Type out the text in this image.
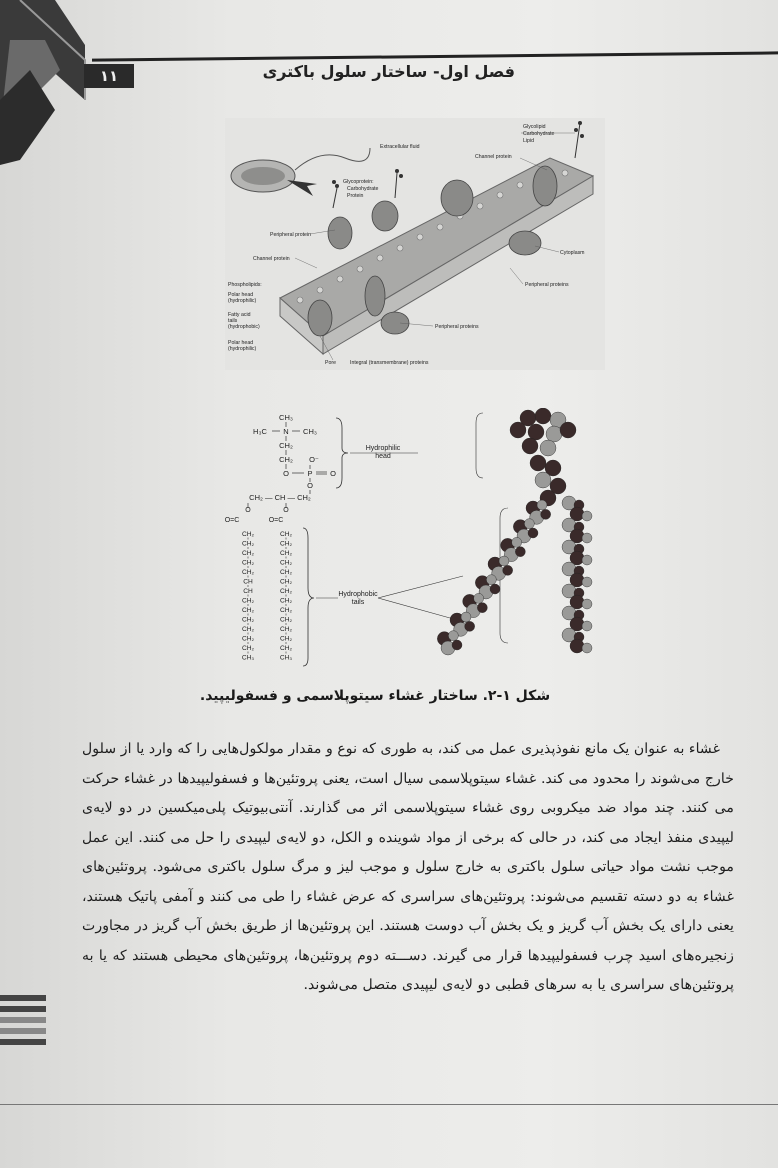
۱۱	فصل اول- ساختار سلول باکتری
Extracellular fluid
Glycolipid
Carbohydrate
Lipid
Channel protein
Glycoprotein:
Carbohydrate
Protein
Peripheral protein
Channel protein
Cytoplasm
Phospholipids:
Polar head
(hydrophilic)
Fatty acid
tails
(hydrophobic)
Polar head
(hydrophilic)
Peripheral proteins
Peripheral proteins
Pore	Integral (transmembrane) proteins
CH₃
H₃C N CH₃
CH₂
CH₂ O⁻
O P O
O
CH₂ — CH — CH₂
O=C	O=C
O	O
CH₂
CH₂
CH₂
CH₂
CH₂
CH
CH
CH₂
CH₂
CH₂
CH₂
CH₂
CH₂
CH₃
CH₂
CH₂
CH₂
CH₂
CH₂
CH₂
CH₂
CH₂
CH₂
CH₂
CH₂
CH₂
CH₂
CH₃
Hydrophilic
head
Hydrophobic
tails
شکل ۱-۲. ساختار غشاء سیتوپلاسمی و فسفولیپید.
غشاء به عنوان یک مانع نفوذپذیری عمل می کند، به طوری که نوع و مقدار مولکول‌هایی را که وارد یا از سلول خارج می‌شوند را محدود می کند. غشاء سیتوپلاسمی سیال است، یعنی پروتئین‌ها و فسفولیپیدها در غشاء حرکت می کنند. چند مواد ضد میکروبی روی غشاء سیتوپلاسمی اثر می گذارند. آنتی‌بیوتیک پلی‌میکسین در دو لایه‌ی لیپیدی منفذ ایجاد می کند، در حالی که برخی از مواد شوینده و الکل، دو لایه‌ی لیپیدی را حل می کنند. این عمل موجب نشت مواد حیاتی سلول باکتری به خارج سلول و موجب لیز و مرگ سلول باکتری می‌شود. پروتئین‌های غشاء به دو دسته تقسیم می‌شوند: پروتئین‌های سراسری که عرض غشاء را طی می کنند و آمفی پاتیک هستند، یعنی دارای یک بخش آب گریز و یک بخش آب دوست هستند. این پروتئین‌ها از طریق بخش آب گریز در مجاورت زنجیره‌های اسید چرب فسفولیپیدها قرار می گیرند. دســـته دوم پروتئین‌ها، پروتئین‌های محیطی هستند که یا به پروتئین‌های سراسری یا به سرهای قطبی دو لایه‌ی لیپیدی متصل می‌شوند.
